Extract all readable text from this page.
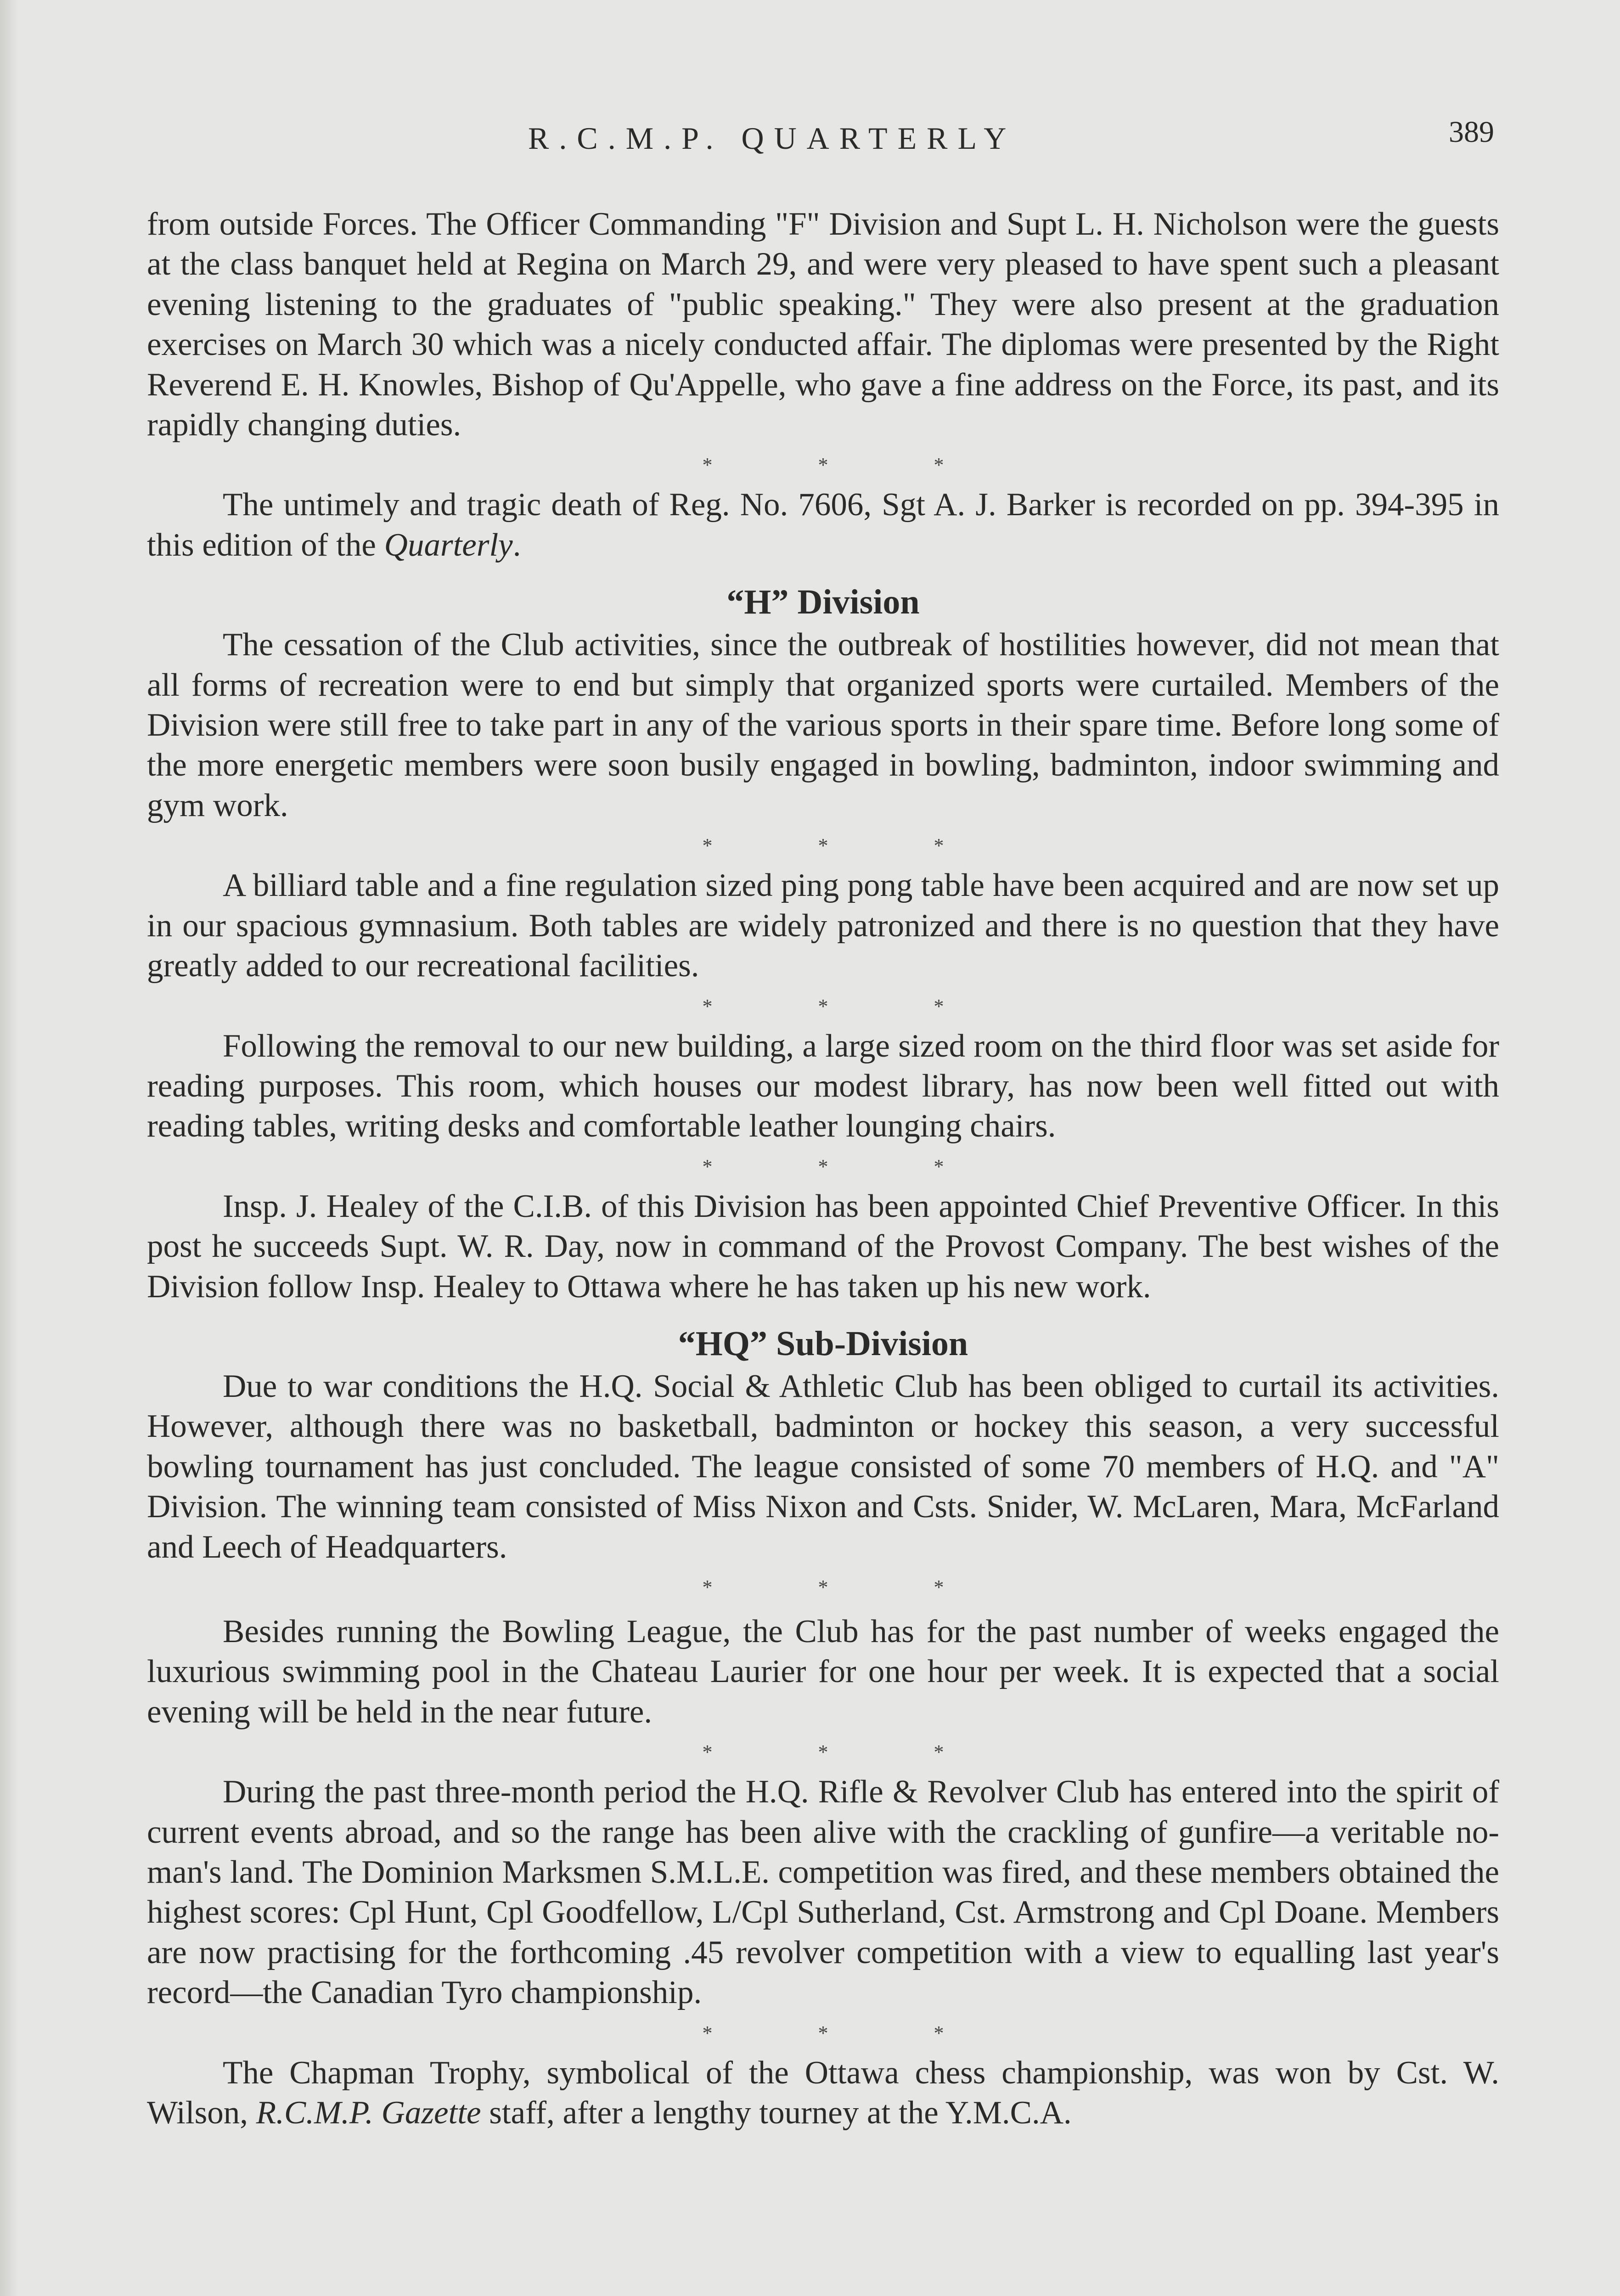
R.C.M.P. QUARTERLY	389

from outside Forces. The Officer Commanding "F" Division and Supt L. H. Nicholson were the guests at the class banquet held at Regina on March 29, and were very pleased to have spent such a pleasant evening listening to the graduates of "public speaking." They were also present at the graduation exercises on March 30 which was a nicely conducted affair. The diplomas were presented by the Right Reverend E. H. Knowles, Bishop of Qu'Appelle, who gave a fine address on the Force, its past, and its rapidly changing duties.

*	*	*

The untimely and tragic death of Reg. No. 7606, Sgt A. J. Barker is recorded on pp. 394-395 in this edition of the Quarterly.

“H” Division

The cessation of the Club activities, since the outbreak of hostilities however, did not mean that all forms of recreation were to end but simply that organized sports were curtailed. Members of the Division were still free to take part in any of the various sports in their spare time. Before long some of the more energetic members were soon busily engaged in bowling, badminton, indoor swimming and gym work.

*	*	*

A billiard table and a fine regulation sized ping pong table have been acquired and are now set up in our spacious gymnasium. Both tables are widely patronized and there is no question that they have greatly added to our recreational facilities.

*	*	*

Following the removal to our new building, a large sized room on the third floor was set aside for reading purposes. This room, which houses our modest library, has now been well fitted out with reading tables, writing desks and comfortable leather lounging chairs.

*	*	*

Insp. J. Healey of the C.I.B. of this Division has been appointed Chief Preventive Officer. In this post he succeeds Supt. W. R. Day, now in command of the Provost Company. The best wishes of the Division follow Insp. Healey to Ottawa where he has taken up his new work.

“HQ” Sub-Division

Due to war conditions the H.Q. Social & Athletic Club has been obliged to curtail its activities. However, although there was no basketball, badminton or hockey this season, a very successful bowling tournament has just concluded. The league consisted of some 70 members of H.Q. and "A" Division. The winning team consisted of Miss Nixon and Csts. Snider, W. McLaren, Mara, McFarland and Leech of Headquarters.

*	*	*

Besides running the Bowling League, the Club has for the past number of weeks engaged the luxurious swimming pool in the Chateau Laurier for one hour per week. It is expected that a social evening will be held in the near future.

*	*	*

During the past three-month period the H.Q. Rifle & Revolver Club has entered into the spirit of current events abroad, and so the range has been alive with the crackling of gunfire—a veritable no-man's land. The Dominion Marksmen S.M.L.E. competition was fired, and these members obtained the highest scores: Cpl Hunt, Cpl Goodfellow, L/Cpl Sutherland, Cst. Armstrong and Cpl Doane. Members are now practising for the forthcoming .45 revolver competition with a view to equalling last year's record—the Canadian Tyro championship.

*	*	*

The Chapman Trophy, symbolical of the Ottawa chess championship, was won by Cst. W. Wilson, R.C.M.P. Gazette staff, after a lengthy tourney at the Y.M.C.A.
